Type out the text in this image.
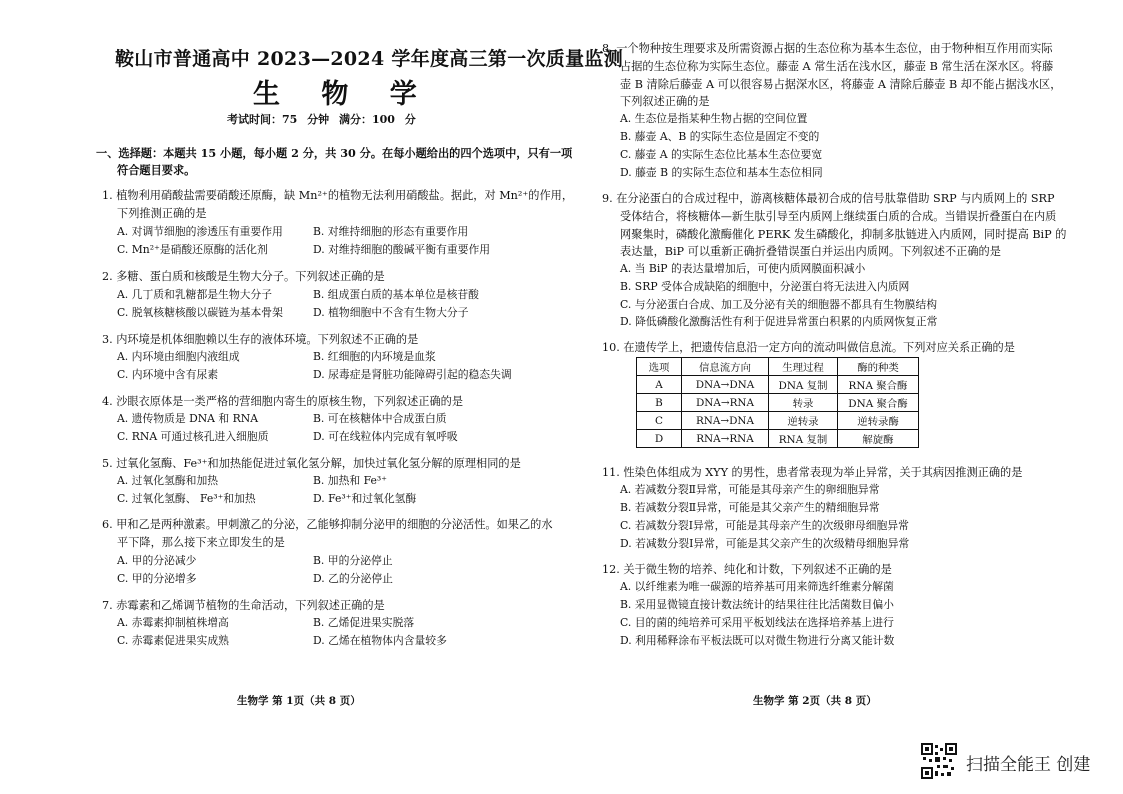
鞍山市普通高中 2023—2024 学年度高三第一次质量监测
生 物 学
考试时间：75 分钟 满分：100 分
一、选择题：本题共 15 小题，每小题 2 分，共 30 分。在每小题给出的四个选项中，只有一项
符合题目要求。
1. 植物利用硝酸盐需要硝酸还原酶，缺 Mn²⁺的植物无法利用硝酸盐。据此，对 Mn²⁺的作用，
下列推测正确的是
A. 对调节细胞的渗透压有重要作用	B. 对维持细胞的形态有重要作用
C. Mn²⁺是硝酸还原酶的活化剂	D. 对维持细胞的酸碱平衡有重要作用
2. 多糖、蛋白质和核酸是生物大分子。下列叙述正确的是
A. 几丁质和乳糖都是生物大分子	B. 组成蛋白质的基本单位是核苷酸
C. 脱氧核糖核酸以碳链为基本骨架	D. 植物细胞中不含有生物大分子
3. 内环境是机体细胞赖以生存的液体环境。下列叙述不正确的是
A. 内环境由细胞内液组成	B. 红细胞的内环境是血浆
C. 内环境中含有尿素	D. 尿毒症是肾脏功能障碍引起的稳态失调
4. 沙眼衣原体是一类严格的营细胞内寄生的原核生物，下列叙述正确的是
A. 遗传物质是 DNA 和 RNA	B. 可在核糖体中合成蛋白质
C. RNA 可通过核孔进入细胞质	D. 可在线粒体内完成有氧呼吸
5. 过氧化氢酶、Fe³⁺和加热能促进过氧化氢分解，加快过氧化氢分解的原理相同的是
A. 过氧化氢酶和加热	B. 加热和 Fe³⁺
C. 过氧化氢酶、 Fe³⁺和加热	D. Fe³⁺和过氧化氢酶
6. 甲和乙是两种激素。甲刺激乙的分泌，乙能够抑制分泌甲的细胞的分泌活性。如果乙的水
平下降，那么接下来立即发生的是
A. 甲的分泌减少	B. 甲的分泌停止
C. 甲的分泌增多	D. 乙的分泌停止
7. 赤霉素和乙烯调节植物的生命活动，下列叙述正确的是
A. 赤霉素抑制植株增高	B. 乙烯促进果实脱落
C. 赤霉素促进果实成熟	D. 乙烯在植物体内含量较多
生物学 第 1页（共 8 页）
8. 一个物种按生理要求及所需资源占据的生态位称为基本生态位，由于物种相互作用而实际
占据的生态位称为实际生态位。藤壶 A 常生活在浅水区，藤壶 B 常生活在深水区。将藤
壶 B 清除后藤壶 A 可以很容易占据深水区，将藤壶 A 清除后藤壶 B 却不能占据浅水区，
下列叙述正确的是
A. 生态位是指某种生物占据的空间位置
B. 藤壶 A、B 的实际生态位是固定不变的
C. 藤壶 A 的实际生态位比基本生态位要宽
D. 藤壶 B 的实际生态位和基本生态位相同
9. 在分泌蛋白的合成过程中，游离核糖体最初合成的信号肽靠借助 SRP 与内质网上的 SRP
受体结合，将核糖体—新生肽引导至内质网上继续蛋白质的合成。当错误折叠蛋白在内质
网聚集时，磷酸化激酶催化 PERK 发生磷酸化，抑制多肽链进入内质网，同时提高 BiP 的
表达量，BiP 可以重新正确折叠错误蛋白并运出内质网。下列叙述不正确的是
A. 当 BiP 的表达量增加后，可使内质网膜面积减小
B. SRP 受体合成缺陷的细胞中，分泌蛋白将无法进入内质网
C. 与分泌蛋白合成、加工及分泌有关的细胞器不都具有生物膜结构
D. 降低磷酸化激酶活性有利于促进异常蛋白积累的内质网恢复正常
10. 在遗传学上，把遗传信息沿一定方向的流动叫做信息流。下列对应关系正确的是
选项	信息流方向	生理过程	酶的种类
A	DNA→DNA	DNA 复制	RNA 聚合酶
B	DNA→RNA	转录	DNA 聚合酶
C	RNA→DNA	逆转录	逆转录酶
D	RNA→RNA	RNA 复制	解旋酶
11. 性染色体组成为 XYY 的男性，患者常表现为举止异常，关于其病因推测正确的是
A. 若减数分裂Ⅱ异常，可能是其母亲产生的卵细胞异常
B. 若减数分裂Ⅱ异常，可能是其父亲产生的精细胞异常
C. 若减数分裂Ⅰ异常，可能是其母亲产生的次级卵母细胞异常
D. 若减数分裂Ⅰ异常，可能是其父亲产生的次级精母细胞异常
12. 关于微生物的培养、纯化和计数，下列叙述不正确的是
A. 以纤维素为唯一碳源的培养基可用来筛选纤维素分解菌
B. 采用显微镜直接计数法统计的结果往往比活菌数目偏小
C. 目的菌的纯培养可采用平板划线法在选择培养基上进行
D. 利用稀释涂布平板法既可以对微生物进行分离又能计数
生物学 第 2页（共 8 页）
扫描全能王 创建
